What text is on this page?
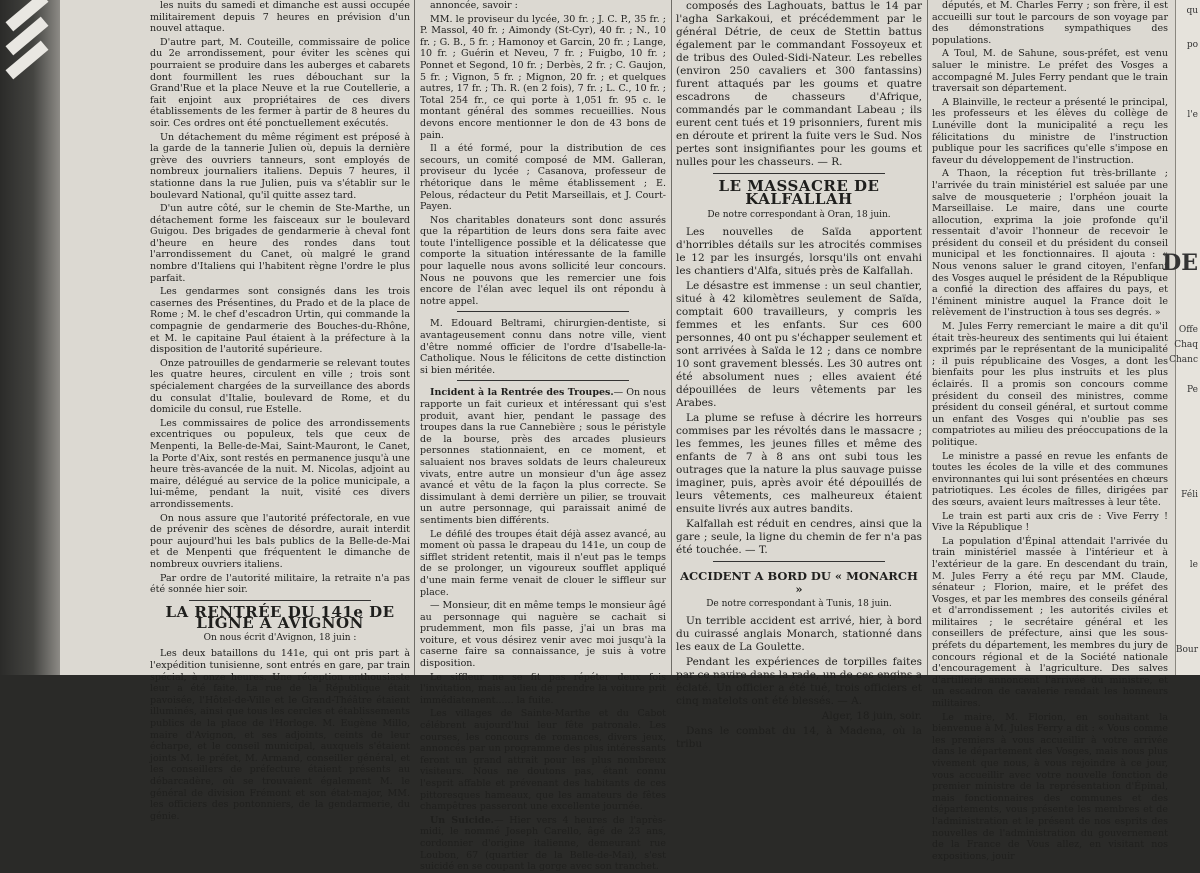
les nuits du samedi et dimanche est aussi occupée militairement depuis 7 heures en prévision d'un nouvel attaque.

D'autre part, M. Couteille, commissaire de police du 2e arrondissement, pour éviter les scènes qui pourraient se produire dans les auberges et cabarets dont fourmillent les rues débouchant sur la Grand'Rue et la place Neuve et la rue Coutellerie, a fait enjoint aux propriétaires de ces divers établissements de les fermer à partir de 8 heures du soir. Ces ordres ont été ponctuellement exécutés.

Un détachement du même régiment est préposé à la garde de la tannerie Julien où, depuis la dernière grève des ouvriers tanneurs, sont employés de nombreux journaliers italiens. Depuis 7 heures, il stationne dans la rue Julien, puis va s'établir sur le boulevard National, qu'il quitte assez tard.

D'un autre côté, sur le chemin de Ste-Marthe, un détachement forme les faisceaux sur le boulevard Guigou. Des brigades de gendarmerie à cheval font d'heure en heure des rondes dans tout l'arrondissement du Canet, où malgré le grand nombre d'Italiens qui l'habitent règne l'ordre le plus parfait.

Les gendarmes sont consignés dans les trois casernes des Présentines, du Prado et de la place de Rome ; M. le chef d'escadron Urtin, qui commande la compagnie de gendarmerie des Bouches-du-Rhône, et M. le capitaine Paul étaient à la préfecture à la disposition de l'autorité supérieure.

Onze patrouilles de gendarmerie se relevant toutes les quatre heures, circulent en ville ; trois sont spécialement chargées de la surveillance des abords du consulat d'Italie, boulevard de Rome, et du domicile du consul, rue Estelle.

Les commissaires de police des arrondissements excentriques ou populeux, tels que ceux de Menpenti, la Belle-de-Mai, Saint-Mauront, le Canet, la Porte d'Aix, sont restés en permanence jusqu'à une heure très-avancée de la nuit. M. Nicolas, adjoint au maire, délégué au service de la police municipale, a lui-même, pendant la nuit, visité ces divers arrondissements.

On nous assure que l'autorité préfectorale, en vue de prévenir des scènes de désordre, aurait interdit pour aujourd'hui les bals publics de la Belle-de-Mai et de Menpenti que fréquentent le dimanche de nombreux ouvriers italiens.

Par ordre de l'autorité militaire, la retraite n'a pas été sonnée hier soir.

LA RENTRÉE DU 141e DE LIGNE A AVIGNON
On nous écrit d'Avignon, 18 juin :

Les deux bataillons du 141e, qui ont pris part à l'expédition tunisienne, sont entrés en gare, par train spécial, à onze heures. Une réception enthousiaste leur a été faite. La rue de la République était pavoisée, l'Hôtel-de-Ville et le Grand-Théâtre étaient illuminés, ainsi que tous les cercles et établissements publics de la place de l'Horloge. M. Eugène Millo, maire d'Avignon, et ses adjoints, ceints de leur écharpe, et le conseil municipal, auxquels s'étaient joints M. le préfet, M. Armand, conseiller général, et les conseillers de préfecture étaient présents au débarcadère, où se trouvaient également M. le général de division Frémont et son état-major, MM. les officiers des pontonniers, de la gendarmerie, du génie.

annoncée, savoir :

MM. le proviseur du lycée, 30 fr. ; J. C. P., 35 fr. ; P. Massol, 40 fr. ; Aimondy (St-Cyr), 40 fr. ; N., 10 fr. ; G. B., 5 fr. ; Hamonoy et Garcin, 20 fr. ; Lange, 10 fr. ; Guérin et Neveu, 7 fr. ; Fuigbo, 10 fr. ; Ponnet et Segond, 10 fr. ; Derbès, 2 fr. ; C. Gaujon, 5 fr. ; Vignon, 5 fr. ; Mignon, 20 fr. ; et quelques autres, 17 fr. ; Th. R. (en 2 fois), 7 fr. ; L. C., 10 fr. ; Total 254 fr., ce qui porte à 1,051 fr. 95 c. le montant général des sommes recueillies. Nous devons encore mentionner le don de 43 bons de pain.

Il a été formé, pour la distribution de ces secours, un comité composé de MM. Galleran, proviseur du lycée ; Casanova, professeur de rhétorique dans le même établissement ; E. Pelous, rédacteur du Petit Marseillais, et J. Court-Payen.

Nos charitables donateurs sont donc assurés que la répartition de leurs dons sera faite avec toute l'intelligence possible et la délicatesse que comporte la situation intéressante de la famille pour laquelle nous avons sollicité leur concours. Nous ne pouvons que les remercier une fois encore de l'élan avec lequel ils ont répondu à notre appel.

M. Edouard Beltrami, chirurgien-dentiste, si avantageusement connu dans notre ville, vient d'être nommé officier de l'ordre d'Isabelle-la-Catholique. Nous le félicitons de cette distinction si bien méritée.

Incident à la Rentrée des Troupes.— On nous rapporte un fait curieux et intéressant qui s'est produit, avant hier, pendant le passage des troupes dans la rue Cannebière ; sous le péristyle de la bourse, près des arcades plusieurs personnes stationnaient, en ce moment, et saluaient nos braves soldats de leurs chaleureux vivats, entre autre un monsieur d'un âge assez avancé et vêtu de la façon la plus correcte. Se dissimulant à demi derrière un pilier, se trouvait un autre personnage, qui paraissait animé de sentiments bien différents.

Le défilé des troupes était déjà assez avancé, au moment où passa le drapeau du 141e, un coup de sifflet strident retentit, mais il n'eut pas le temps de se prolonger, un vigoureux soufflet appliqué d'une main ferme venait de clouer le siffleur sur place.

— Monsieur, dit en même temps le monsieur âgé au personnage qui naguère se cachait si prudemment, mon fils passe, j'ai un bras ma voiture, et vous désirez venir avec moi jusqu'à la caserne faire sa connaissance, je suis à votre disposition.

Le siffleur ne se fit pas répéter deux fois l'invitation, mais au lieu de prendre la voiture prit immédiatement...... la fuite.

Les villages de Sainte-Marthe et du Cabot célébrent aujourd'hui leur fête patronale. Les courses, les concours de romances, divers jeux, annoncés par un programme des plus intéressants feront un grand attrait pour les plus nombreux visiteurs. Nous ne doutons pas, étant connu l'esprit affable et prévenant des habitants de ces pittoresques hameaux, que les amateurs de fêtes champêtres passeront une excellente journée.

Un Suicide.— Hier vers 4 heures de l'après-midi, le nommé Joseph Carello, âgé de 23 ans, cordonnier d'origine italienne, demeurant rue Loubon, 67 (quartier de la Belle-de-Mai), s'est suicidé en se coupant la gorge avec son tranchet.

composés des Laghouats, battus le 14 par l'agha Sarkakoui, et précédemment par le général Détrie, de ceux de Stettin battus également par le commandant Fossoyeux et de tribus des Ouled-Sidi-Nateur. Les rebelles (environ 250 cavaliers et 300 fantassins) furent attaqués par les goums et quatre escadrons de chasseurs d'Afrique, commandés par le commandant Labeau ; ils eurent cent tués et 19 prisonniers, furent mis en déroute et prirent la fuite vers le Sud. Nos pertes sont insignifiantes pour les goums et nulles pour les chasseurs. — R.

LE MASSACRE DE KALFALLAH
De notre correspondant à Oran, 18 juin.

Les nouvelles de Saïda apportent d'horribles détails sur les atrocités commises le 12 par les insurgés, lorsqu'ils ont envahi les chantiers d'Alfa, situés près de Kalfallah.

Le désastre est immense : un seul chantier, situé à 42 kilomètres seulement de Saïda, comptait 600 travailleurs, y compris les femmes et les enfants. Sur ces 600 personnes, 40 ont pu s'échapper seulement et sont arrivées à Saïda le 12 ; dans ce nombre 10 sont gravement blessés. Les 30 autres ont été absolument nues ; elles avaient été dépouillées de leurs vêtements par les Arabes.

La plume se refuse à décrire les horreurs commises par les révoltés dans le massacre ; les femmes, les jeunes filles et même des enfants de 7 à 8 ans ont subi tous les outrages que la nature la plus sauvage puisse imaginer, puis, après avoir été dépouillés de leurs vêtements, ces malheureux étaient ensuite livrés aux autres bandits.

Kalfallah est réduit en cendres, ainsi que la gare ; seule, la ligne du chemin de fer n'a pas été touchée. — T.

ACCIDENT A BORD DU « MONARCH »
De notre correspondant à Tunis, 18 juin.

Un terrible accident est arrivé, hier, à bord du cuirassé anglais Monarch, stationné dans les eaux de La Goulette.

Pendant les expériences de torpilles faites par ce navire dans la rade, un de ces engins a éclaté. Un officier a été tué, trois officiers et cinq matelots ont été blessés. — A.

Alger, 18 juin, soir.

Dans le combat du 14, à Madena, où la tribu

députés, et M. Charles Ferry ; son frère, il est accueilli sur tout le parcours de son voyage par des démonstrations sympathiques des populations.

A Toul, M. de Sahune, sous-préfet, est venu saluer le ministre. Le préfet des Vosges a accompagné M. Jules Ferry pendant que le train traversait son département.

A Blainville, le recteur a présenté le principal, les professeurs et les élèves du collège de Lunéville dont la municipalité a reçu les félicitations du ministre de l'instruction publique pour les sacrifices qu'elle s'impose en faveur du développement de l'instruction.

A Thaon, la réception fut très-brillante ; l'arrivée du train ministériel est saluée par une salve de mousqueterie ; l'orphéon jouait la Marseillaise. Le maire, dans une courte allocution, exprima la joie profonde qu'il ressentait d'avoir l'honneur de recevoir le président du conseil et du président du conseil municipal et les fonctionnaires. Il ajouta : « Nous venons saluer le grand citoyen, l'enfant des Vosges auquel le président de la République a confié la direction des affaires du pays, et l'éminent ministre auquel la France doit le relèvement de l'instruction à tous ses degrés. »

M. Jules Ferry remerciant le maire a dit qu'il était très-heureux des sentiments qui lui étaient exprimés par le représentant de la municipalité ; il puis républicaine des Vosges, a dont les bienfaits pour les plus instruits et les plus éclairés. Il a promis son concours comme président du conseil des ministres, comme président du conseil général, et surtout comme un enfant des Vosges qui n'oublie pas ses compatriotes au milieu des préoccupations de la politique.

Le ministre a passé en revue les enfants de toutes les écoles de la ville et des communes environnantes qui lui sont présentées en chœurs patriotiques. Les écoles de filles, dirigées par des sœurs, avaient leurs maîtresses à leur tête.

Le train est parti aux cris de : Vive Ferry ! Vive la République !

La population d'Épinal attendait l'arrivée du train ministériel massée à l'intérieur et à l'extérieur de la gare. En descendant du train, M. Jules Ferry a été reçu par MM. Claude, sénateur ; Florion, maire, et le préfet des Vosges, et par les membres des conseils général et d'arrondissement ; les autorités civiles et militaires ; le secrétaire général et les conseillers de préfecture, ainsi que les sous-préfets du département, les membres du jury de concours régional et de la Société nationale d'encouragement à l'agriculture. Des salves d'artillerie annoncent l'arrivée du ministre, et un escadron de cavalerie rendait les honneurs militaires.

Le maire, M. Florion, en souhaitant la bienvenue à M. Jules Ferry a dit : « Vous comme les premiers à vous accueillir à votre arrivée dans le département des Vosges, mais nous plus vivement que nous, à vous rejoindre à ce jour, vous accueillir avec votre nouvelle fonction de premier ministre de la représentation d'Épinal, mais fonctionnaires des communes et des départements, vous présente les membres et de l'administration et le présent de nos esprits des nouvelles de l'administration du gouvernement de la France de Vous allez, en visitant nos expositions, jouir

qu
po
l'e
DE
Offe
Chaq
Chanc
Pe
Féli
le
Bour
